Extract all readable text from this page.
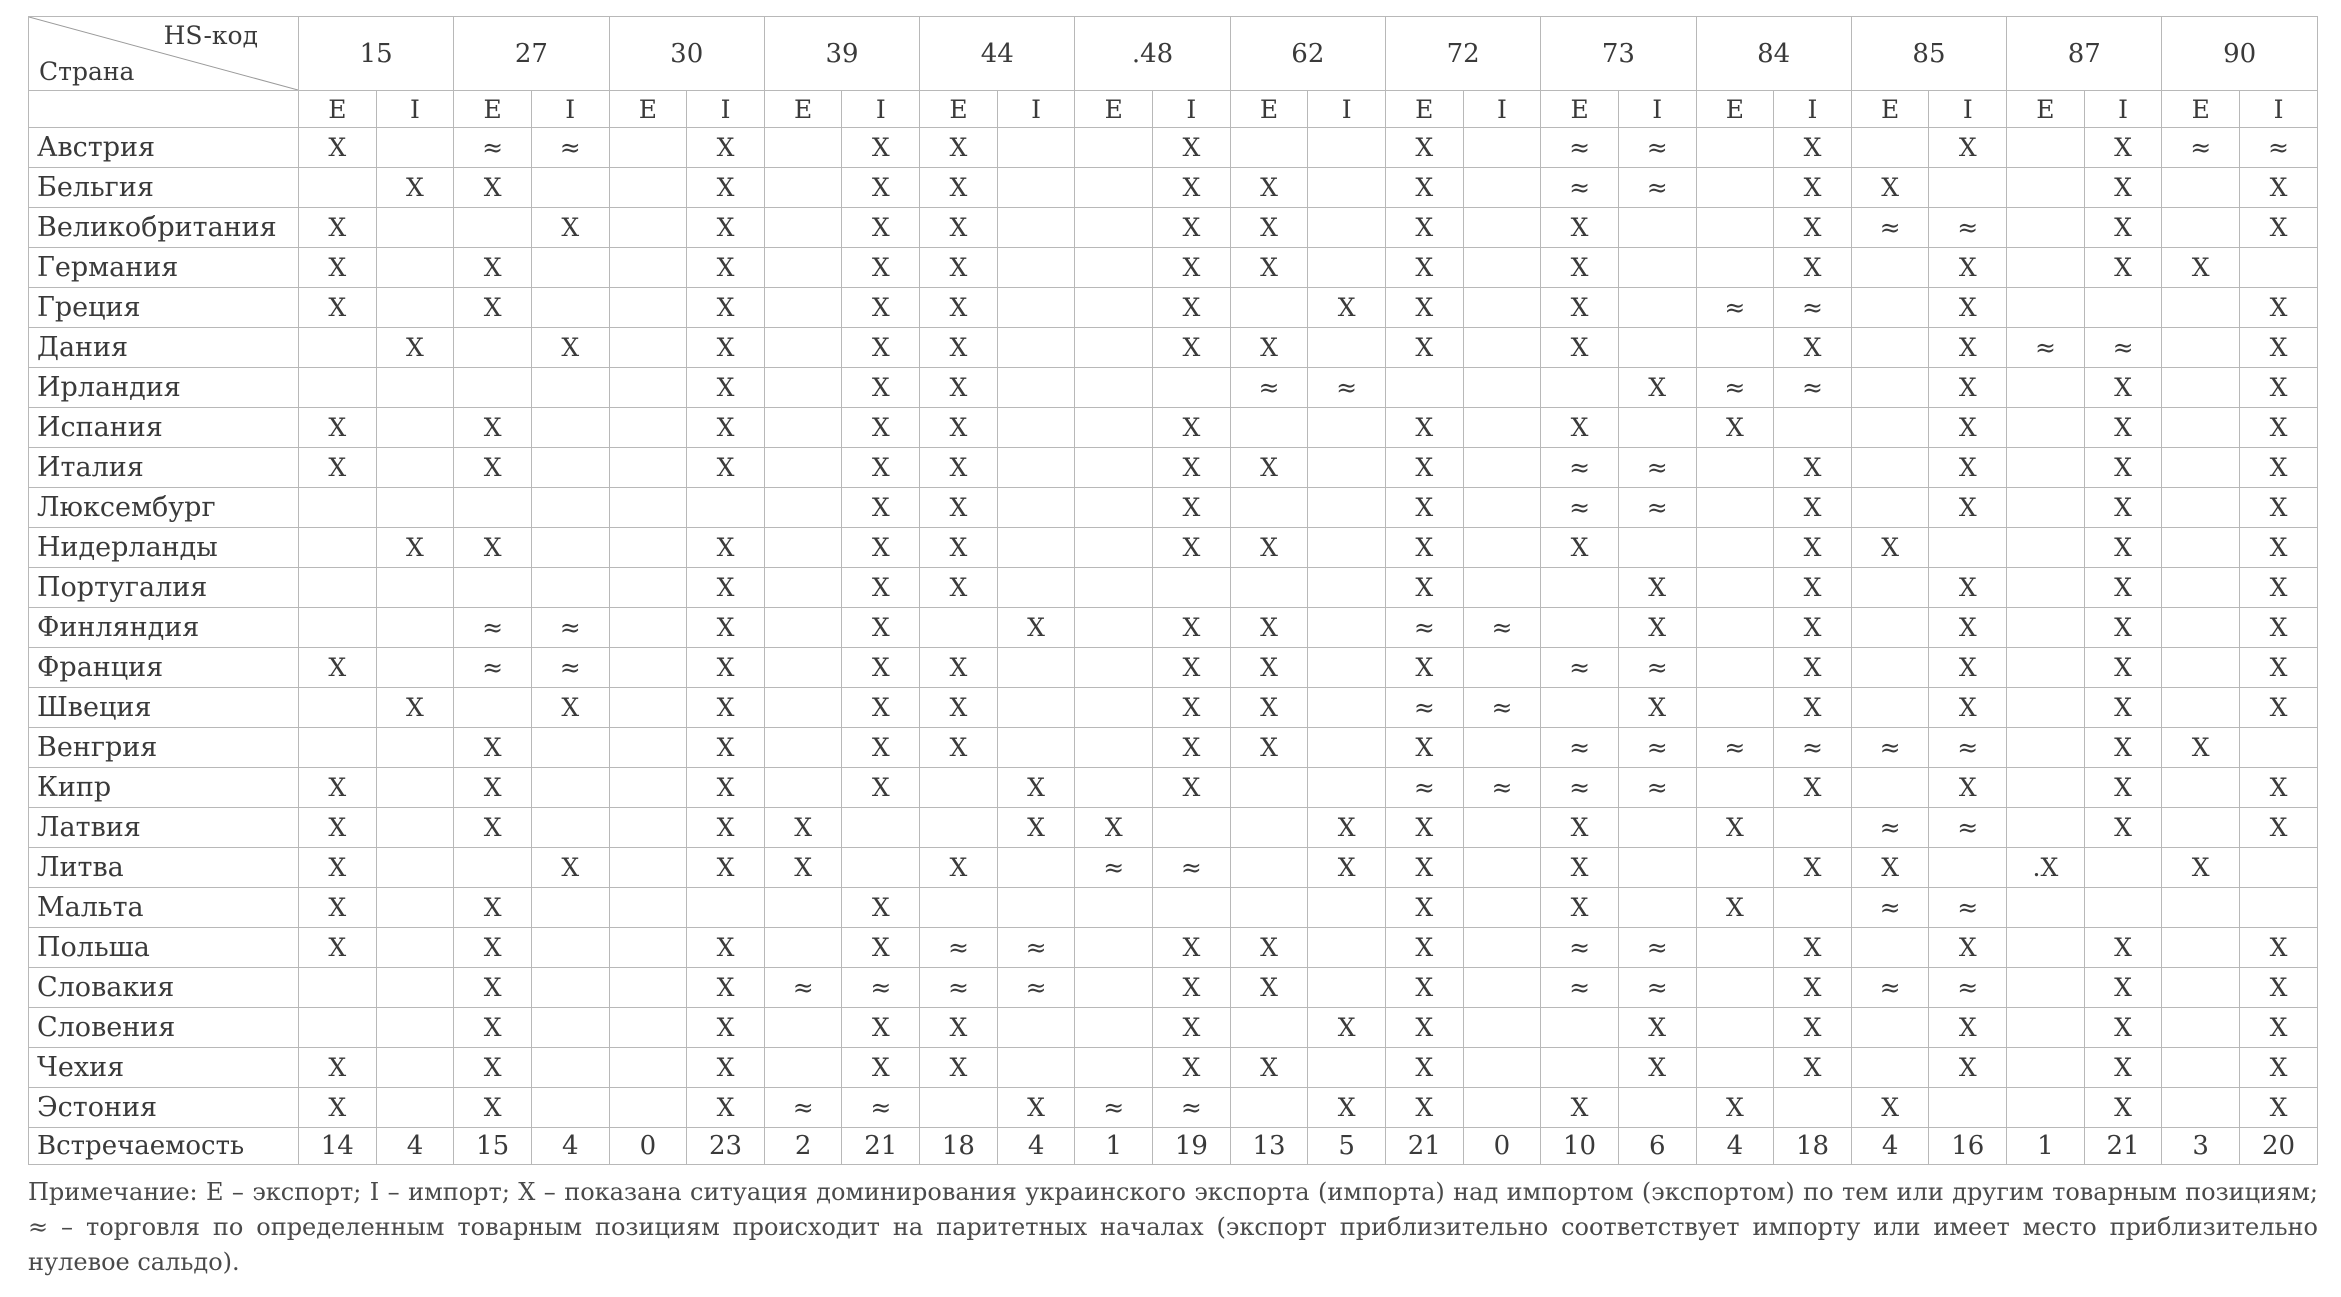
HS-код
Страна	15		27		30		39		44		.48		62		72		73		84		85		87		90	
	E	I	E	I	E	I	E	I	E	I	E	I	E	I	E	I	E	I	E	I	E	I	E	I	E	I
Австрия	X		≈	≈		X		X	X			X			X		≈	≈		X		X		X	≈	≈
Бельгия		X	X			X		X	X			X	X		X		≈	≈		X	X			X		X
Великобритания	X			X		X		X	X			X	X		X		X			X	≈	≈		X		X
Германия	X		X			X		X	X			X	X		X		X			X		X		X	X	
Греция	X		X			X		X	X			X		X	X		X		≈	≈		X				X
Дания		X		X		X		X	X			X	X		X		X			X		X	≈	≈		X
Ирландия						X		X	X				≈	≈				X	≈	≈		X		X		X
Испания	X		X			X		X	X			X			X		X		X			X		X		X
Италия	X		X			X		X	X			X	X		X		≈	≈		X		X		X		X
Люксембург								X	X			X			X		≈	≈		X		X		X		X
Нидерланды		X	X			X		X	X			X	X		X		X			X	X			X		X
Португалия						X		X	X						X			X		X		X		X		X
Финляндия			≈	≈		X		X		X		X	X		≈	≈		X		X		X		X		X
Франция	X		≈	≈		X		X	X			X	X		X		≈	≈		X		X		X		X
Швеция		X		X		X		X	X			X	X		≈	≈		X		X		X		X		X
Венгрия			X			X		X	X			X	X		X		≈	≈	≈	≈	≈	≈		X	X	
Кипр	X		X			X		X		X		X			≈	≈	≈	≈		X		X		X		X
Латвия	X		X			X	X			X	X			X	X		X		X		≈	≈		X		X
Литва	X			X		X	X		X		≈	≈		X	X		X			X	X		.X		X	
Мальта	X		X					X							X		X		X		≈	≈				
Польша	X		X			X		X	≈	≈		X	X		X		≈	≈		X		X		X		X
Словакия			X			X	≈	≈	≈	≈		X	X		X		≈	≈		X	≈	≈		X		X
Словения			X			X		X	X			X		X	X			X		X		X		X		X
Чехия	X		X			X		X	X			X	X		X			X		X		X		X		X
Эстония	X		X			X	≈	≈		X	≈	≈		X	X		X		X		X			X		X
Встречаемость	14	4	15	4	0	23	2	21	18	4	1	19	13	5	21	0	10	6	4	18	4	16	1	21	3	20
Примечание: E – экспорт; I – импорт; X – показана ситуация доминирования украинского экспорта (импорта) над импортом (экспортом) по тем или другим товарным позициям; ≈ – торговля по определенным товарным позициям происходит на паритетных началах (экспорт приблизительно соответствует импорту или имеет место приблизительно нулевое сальдо).
